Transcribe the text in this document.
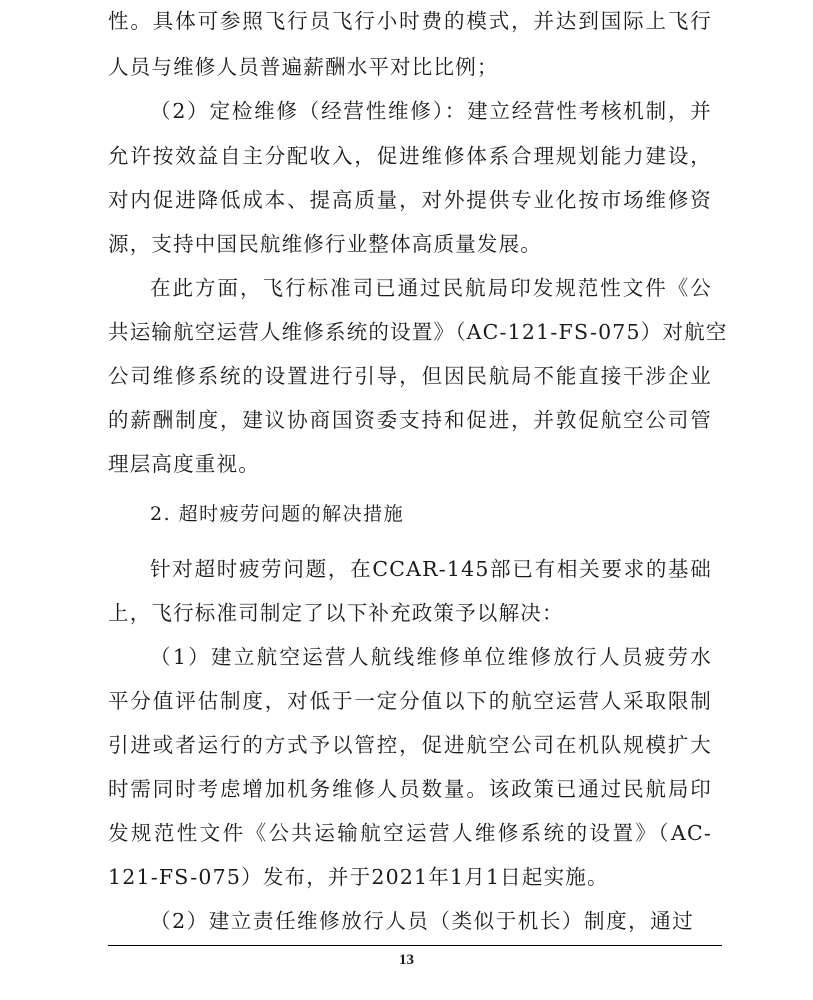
性。具体可参照飞行员飞行小时费的模式，并达到国际上飞行
人员与维修人员普遍薪酬水平对比比例；
（2）定检维修（经营性维修）：建立经营性考核机制，并
允许按效益自主分配收入，促进维修体系合理规划能力建设，
对内促进降低成本、提高质量，对外提供专业化按市场维修资
源，支持中国民航维修行业整体高质量发展。
在此方面，飞行标准司已通过民航局印发规范性文件《公
共运输航空运营人维修系统的设置》（AC-121-FS-075）对航空
公司维修系统的设置进行引导，但因民航局不能直接干涉企业
的薪酬制度，建议协商国资委支持和促进，并敦促航空公司管
理层高度重视。
2. 超时疲劳问题的解决措施
针对超时疲劳问题，在CCAR-145部已有相关要求的基础
上，飞行标准司制定了以下补充政策予以解决：
（1）建立航空运营人航线维修单位维修放行人员疲劳水
平分值评估制度，对低于一定分值以下的航空运营人采取限制
引进或者运行的方式予以管控，促进航空公司在机队规模扩大
时需同时考虑增加机务维修人员数量。该政策已通过民航局印
发规范性文件《公共运输航空运营人维修系统的设置》（AC-
121-FS-075）发布，并于2021年1月1日起实施。
（2）建立责任维修放行人员（类似于机长）制度，通过
13
